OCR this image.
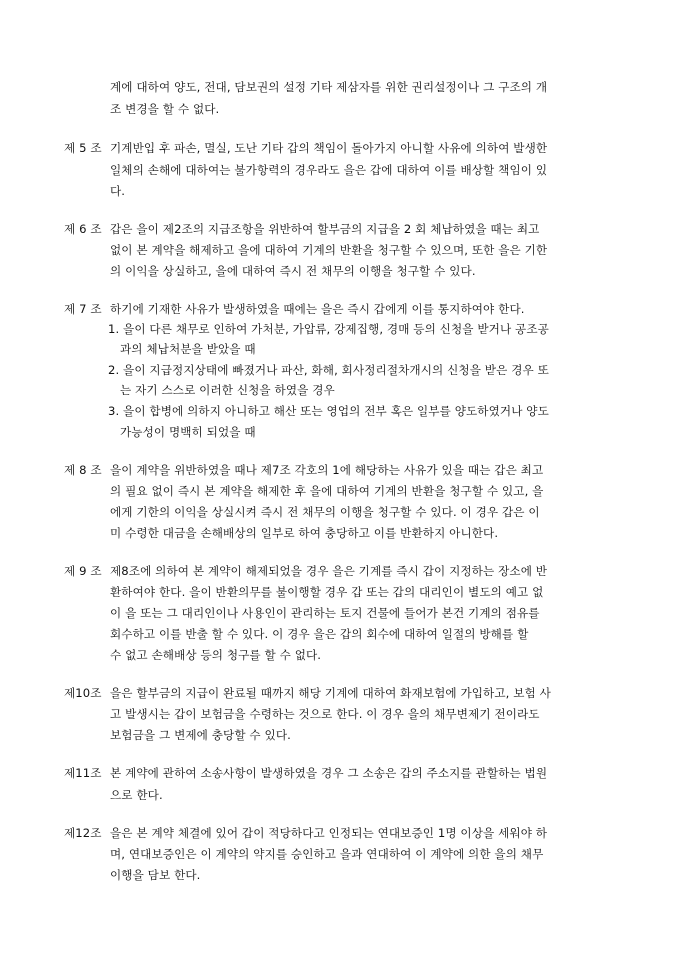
계에 대하여 양도, 전대, 담보권의 설정 기타 제삼자를 위한 권리설정이나 그 구조의 개
조 변경을 할 수 없다.
제 5 조 기계반입 후 파손, 멸실, 도난 기타 갑의 책임이 돌아가지 아니할 사유에 의하여 발생한
일체의 손해에 대하여는 불가항력의 경우라도 을은 갑에 대하여 이를 배상할 책임이 있
다.
제 6 조 갑은 을이 제2조의 지급조항을 위반하여 할부금의 지급을 2 회 체납하였을 때는 최고
없이 본 계약을 해제하고 을에 대하여 기계의 반환을 청구할 수 있으며, 또한 을은 기한
의 이익을 상실하고, 을에 대하여 즉시 전 채무의 이행을 청구할 수 있다.
제 7 조 하기에 기재한 사유가 발생하였을 때에는 을은 즉시 갑에게 이를 통지하여야 한다.
1. 을이 다른 채무로 인하여 가처분, 가압류, 강제집행, 경매 등의 신청을 받거나 공조공
과의 체납처분을 받았을 때
2. 을이 지급정지상태에 빠졌거나 파산, 화해, 회사정리절차개시의 신청을 받은 경우 또
는 자기 스스로 이러한 신청을 하였을 경우
3. 을이 합병에 의하지 아니하고 해산 또는 영업의 전부 혹은 일부를 양도하였거나 양도
가능성이 명백히 되었을 때
제 8 조 을이 계약을 위반하였을 때나 제7조 각호의 1에 해당하는 사유가 있을 때는 갑은 최고
의 필요 없이 즉시 본 계약을 해제한 후 을에 대하여 기계의 반환을 청구할 수 있고, 을
에게 기한의 이익을 상실시켜 즉시 전 채무의 이행을 청구할 수 있다. 이 경우 갑은 이
미 수령한 대금을 손해배상의 일부로 하여 충당하고 이를 반환하지 아니한다.
제 9 조 제8조에 의하여 본 계약이 해제되었을 경우 을은 기계를 즉시 갑이 지정하는 장소에 반
환하여야 한다. 을이 반환의무를 불이행할 경우 갑 또는 갑의 대리인이 별도의 예고 없
이 을 또는 그 대리인이나 사용인이 관리하는 토지 건물에 들어가 본건 기계의 점유를
회수하고 이를 반출 할 수 있다. 이 경우 을은 갑의 회수에 대하여 일절의 방해를 할
수 없고 손해배상 등의 청구를 할 수 없다.
제10조 을은 할부금의 지급이 완료될 때까지 해당 기계에 대하여 화재보험에 가입하고, 보험 사
고 발생시는 갑이 보험금을 수령하는 것으로 한다. 이 경우 을의 채무변제기 전이라도
보험금을 그 변제에 충당할 수 있다.
제11조 본 계약에 관하여 소송사항이 발생하였을 경우 그 소송은 갑의 주소지를 관할하는 법원
으로 한다.
제12조 을은 본 계약 체결에 있어 갑이 적당하다고 인정되는 연대보증인 1명 이상을 세워야 하
며, 연대보증인은 이 계약의 약지를 승인하고 을과 연대하여 이 계약에 의한 을의 채무
이행을 담보 한다.
